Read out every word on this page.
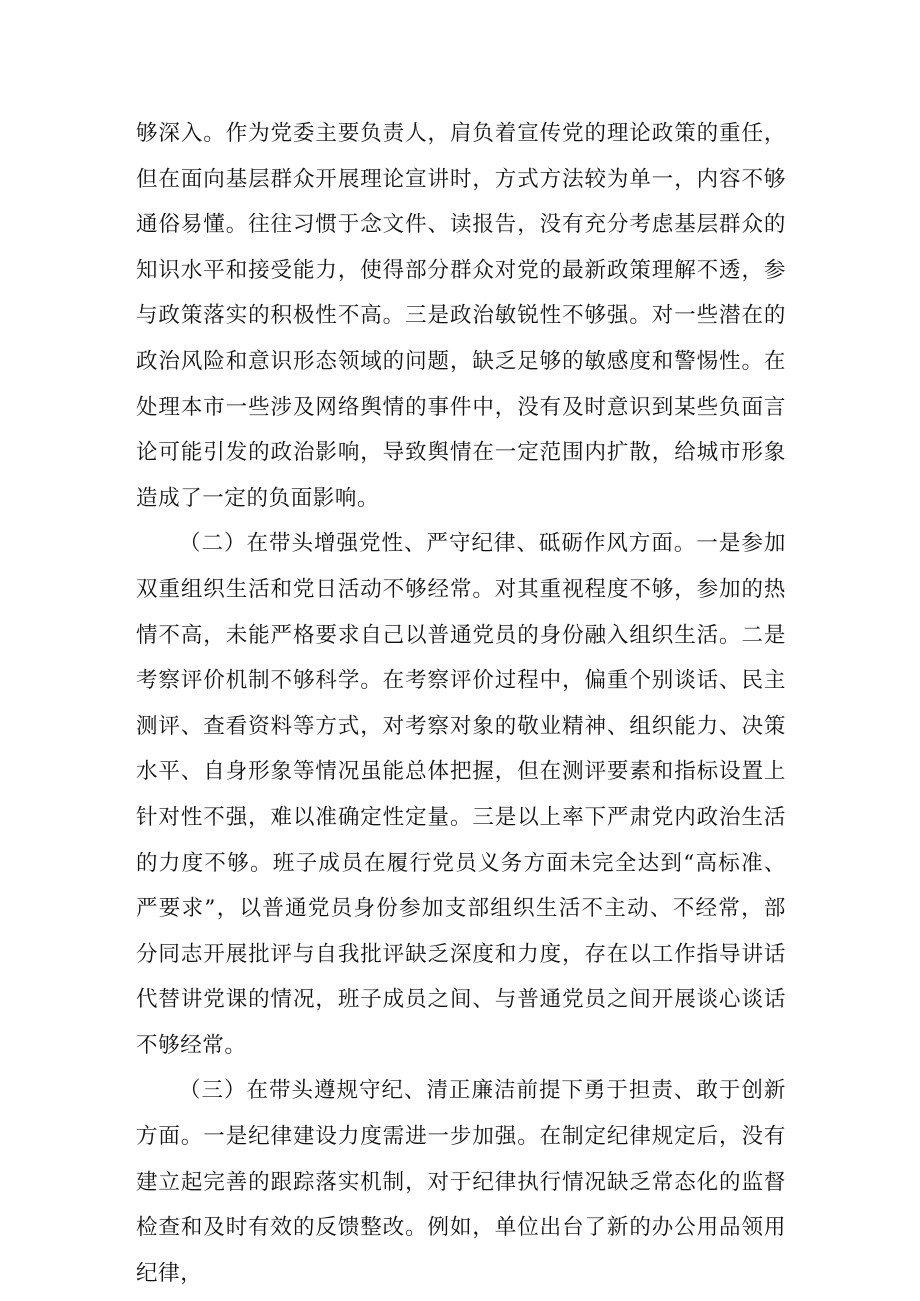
够深入。作为党委主要负责人，肩负着宣传党的理论政策的重任，但在面向基层群众开展理论宣讲时，方式方法较为单一，内容不够通俗易懂。往往习惯于念文件、读报告，没有充分考虑基层群众的知识水平和接受能力，使得部分群众对党的最新政策理解不透，参与政策落实的积极性不高。三是政治敏锐性不够强。对一些潜在的政治风险和意识形态领域的问题，缺乏足够的敏感度和警惕性。在处理本市一些涉及网络舆情的事件中，没有及时意识到某些负面言论可能引发的政治影响，导致舆情在一定范围内扩散，给城市形象造成了一定的负面影响。

（二）在带头增强党性、严守纪律、砥砺作风方面。一是参加双重组织生活和党日活动不够经常。对其重视程度不够，参加的热情不高，未能严格要求自己以普通党员的身份融入组织生活。二是考察评价机制不够科学。在考察评价过程中，偏重个别谈话、民主测评、查看资料等方式，对考察对象的敬业精神、组织能力、决策水平、自身形象等情况虽能总体把握，但在测评要素和指标设置上针对性不强，难以准确定性定量。三是以上率下严肃党内政治生活的力度不够。班子成员在履行党员义务方面未完全达到“高标准、严要求”，以普通党员身份参加支部组织生活不主动、不经常，部分同志开展批评与自我批评缺乏深度和力度，存在以工作指导讲话代替讲党课的情况，班子成员之间、与普通党员之间开展谈心谈话不够经常。

（三）在带头遵规守纪、清正廉洁前提下勇于担责、敢于创新方面。一是纪律建设力度需进一步加强。在制定纪律规定后，没有建立起完善的跟踪落实机制，对于纪律执行情况缺乏常态化的监督检查和及时有效的反馈整改。例如，单位出台了新的办公用品领用纪律，
